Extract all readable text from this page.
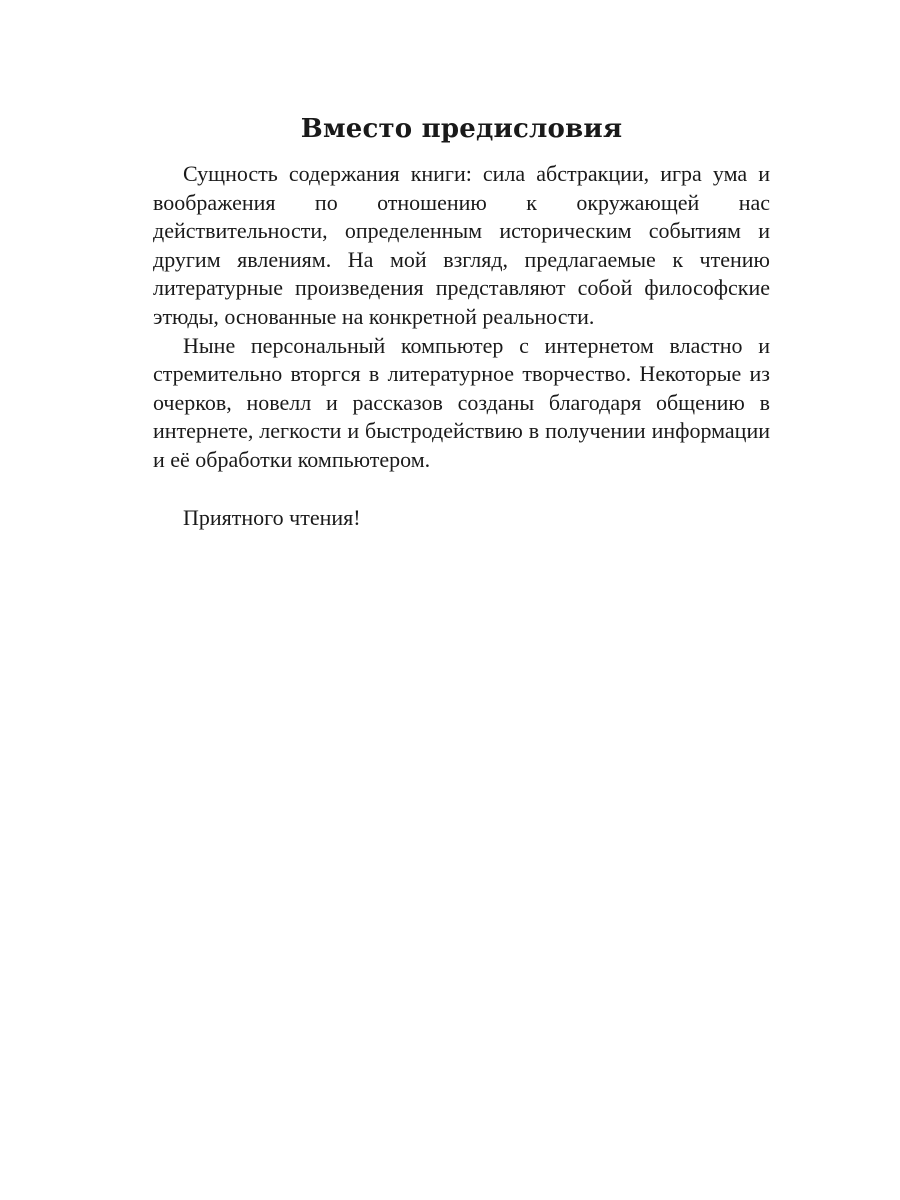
Вместо предисловия

Сущность содержания книги: сила абстракции, игра ума и воображения по отношению к окружающей нас действительности, определенным историческим событиям и другим явлениям. На мой взгляд, предлагаемые к чтению литературные произведения представляют собой философские этюды, основанные на конкретной реальности.

Ныне персональный компьютер с интернетом властно и стремительно вторгся в литературное творчество. Некоторые из очерков, новелл и рассказов созданы благодаря общению в интернете, легкости и быстродействию в получении информации и её обработки компьютером.

Приятного чтения!
